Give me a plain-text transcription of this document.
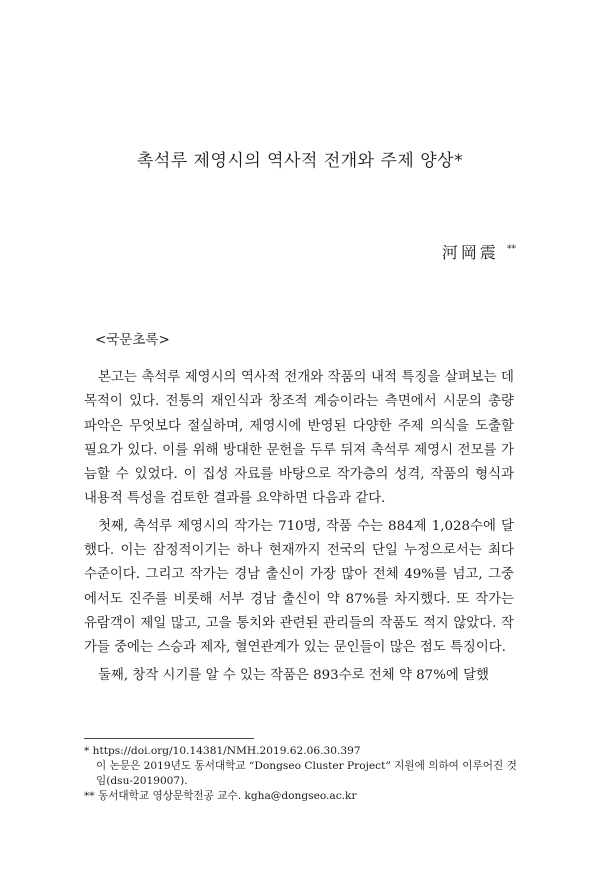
촉석루 제영시의 역사적 전개와 주제 양상*
河岡震 **
<국문초록>

본고는 촉석루 제영시의 역사적 전개와 작품의 내적 특징을 살펴보는 데 목적이 있다. 전통의 재인식과 창조적 계승이라는 측면에서 시문의 총량 파악은 무엇보다 절실하며, 제영시에 반영된 다양한 주제 의식을 도출할 필요가 있다. 이를 위해 방대한 문헌을 두루 뒤져 촉석루 제영시 전모를 가늠할 수 있었다. 이 집성 자료를 바탕으로 작가층의 성격, 작품의 형식과 내용적 특성을 검토한 결과를 요약하면 다음과 같다.

첫째, 촉석루 제영시의 작가는 710명, 작품 수는 884제 1,028수에 달했다. 이는 잠정적이기는 하나 현재까지 전국의 단일 누정으로서는 최다 수준이다. 그리고 작가는 경남 출신이 가장 많아 전체 49%를 넘고, 그중에서도 진주를 비롯해 서부 경남 출신이 약 87%를 차지했다. 또 작가는 유람객이 제일 많고, 고을 통치와 관련된 관리들의 작품도 적지 않았다. 작가들 중에는 스승과 제자, 혈연관계가 있는 문인들이 많은 점도 특징이다.

둘째, 창작 시기를 알 수 있는 작품은 893수로 전체 약 87%에 달했

* https://doi.org/10.14381/NMH.2019.62.06.30.397
이 논문은 2019년도 동서대학교 “Dongseo Cluster Project” 지원에 의하여 이루어진 것임(dsu-2019007).
** 동서대학교 영상문학전공 교수. kgha@dongseo.ac.kr
